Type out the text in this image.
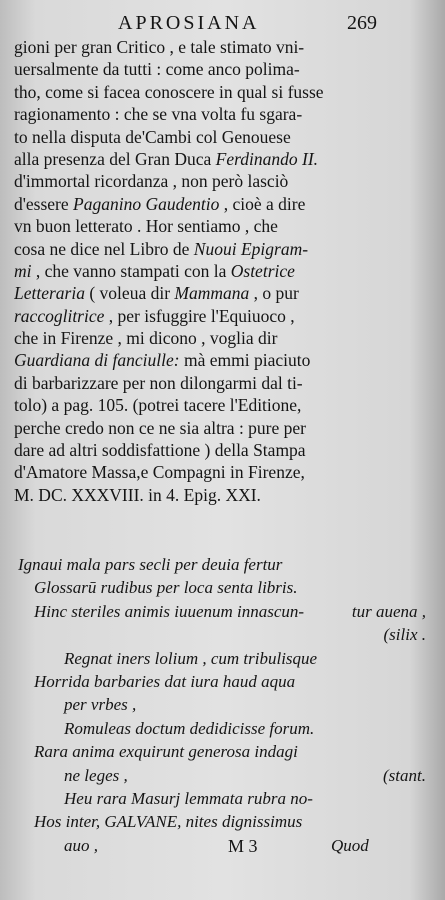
APROSIANA	269
gioni per gran Critico , e tale stimato vni-
uersalmente da tutti : come anco polima-
tho, come si facea conoscere in qual si fusse
ragionamento : che se vna volta fu sgara-
to nella disputa de'Cambi col Genouese
alla presenza del Gran Duca Ferdinando II.
d'immortal ricordanza , non però lasciò
d'essere Paganino Gaudentio , cioè a dire
vn buon letterato . Hor sentiamo , che
cosa ne dice nel Libro de Nuoui Epigram-
mi , che vanno stampati con la Ostetrice
Letteraria ( voleua dir Mammana , o pur
raccoglitrice , per isfuggire l'Equiuoco ,
che in Firenze , mi dicono , voglia dir
Guardiana di fanciulle: mà emmi piaciuto
di barbarizzare per non dilongarmi dal ti-
tolo) a pag. 105. (potrei tacere l'Editione,
perche credo non ce ne sia altra : pure per
dare ad altri soddisfattione ) della Stampa
d'Amatore Massa,e Compagni in Firenze,
M. DC. XXXVIII. in 4. Epig. XXI.
Ignaui mala pars secli per deuia fertur
Glossarū rudibus per loca senta libris.
Hinc steriles animis iuuenum innascun-	tur auena ,
(silix .
Regnat iners lolium , cum tribulisque
Horrida barbaries dat iura haud aqua
per vrbes ,
Romuleas doctum dedidicisse forum.
Rara anima exquirunt generosa indagi
ne leges ,	(stant.
Heu rara Masurj lemmata rubra no-
Hos inter, GALVANE, nites dignissimus
auo ,	M 3	Quod
